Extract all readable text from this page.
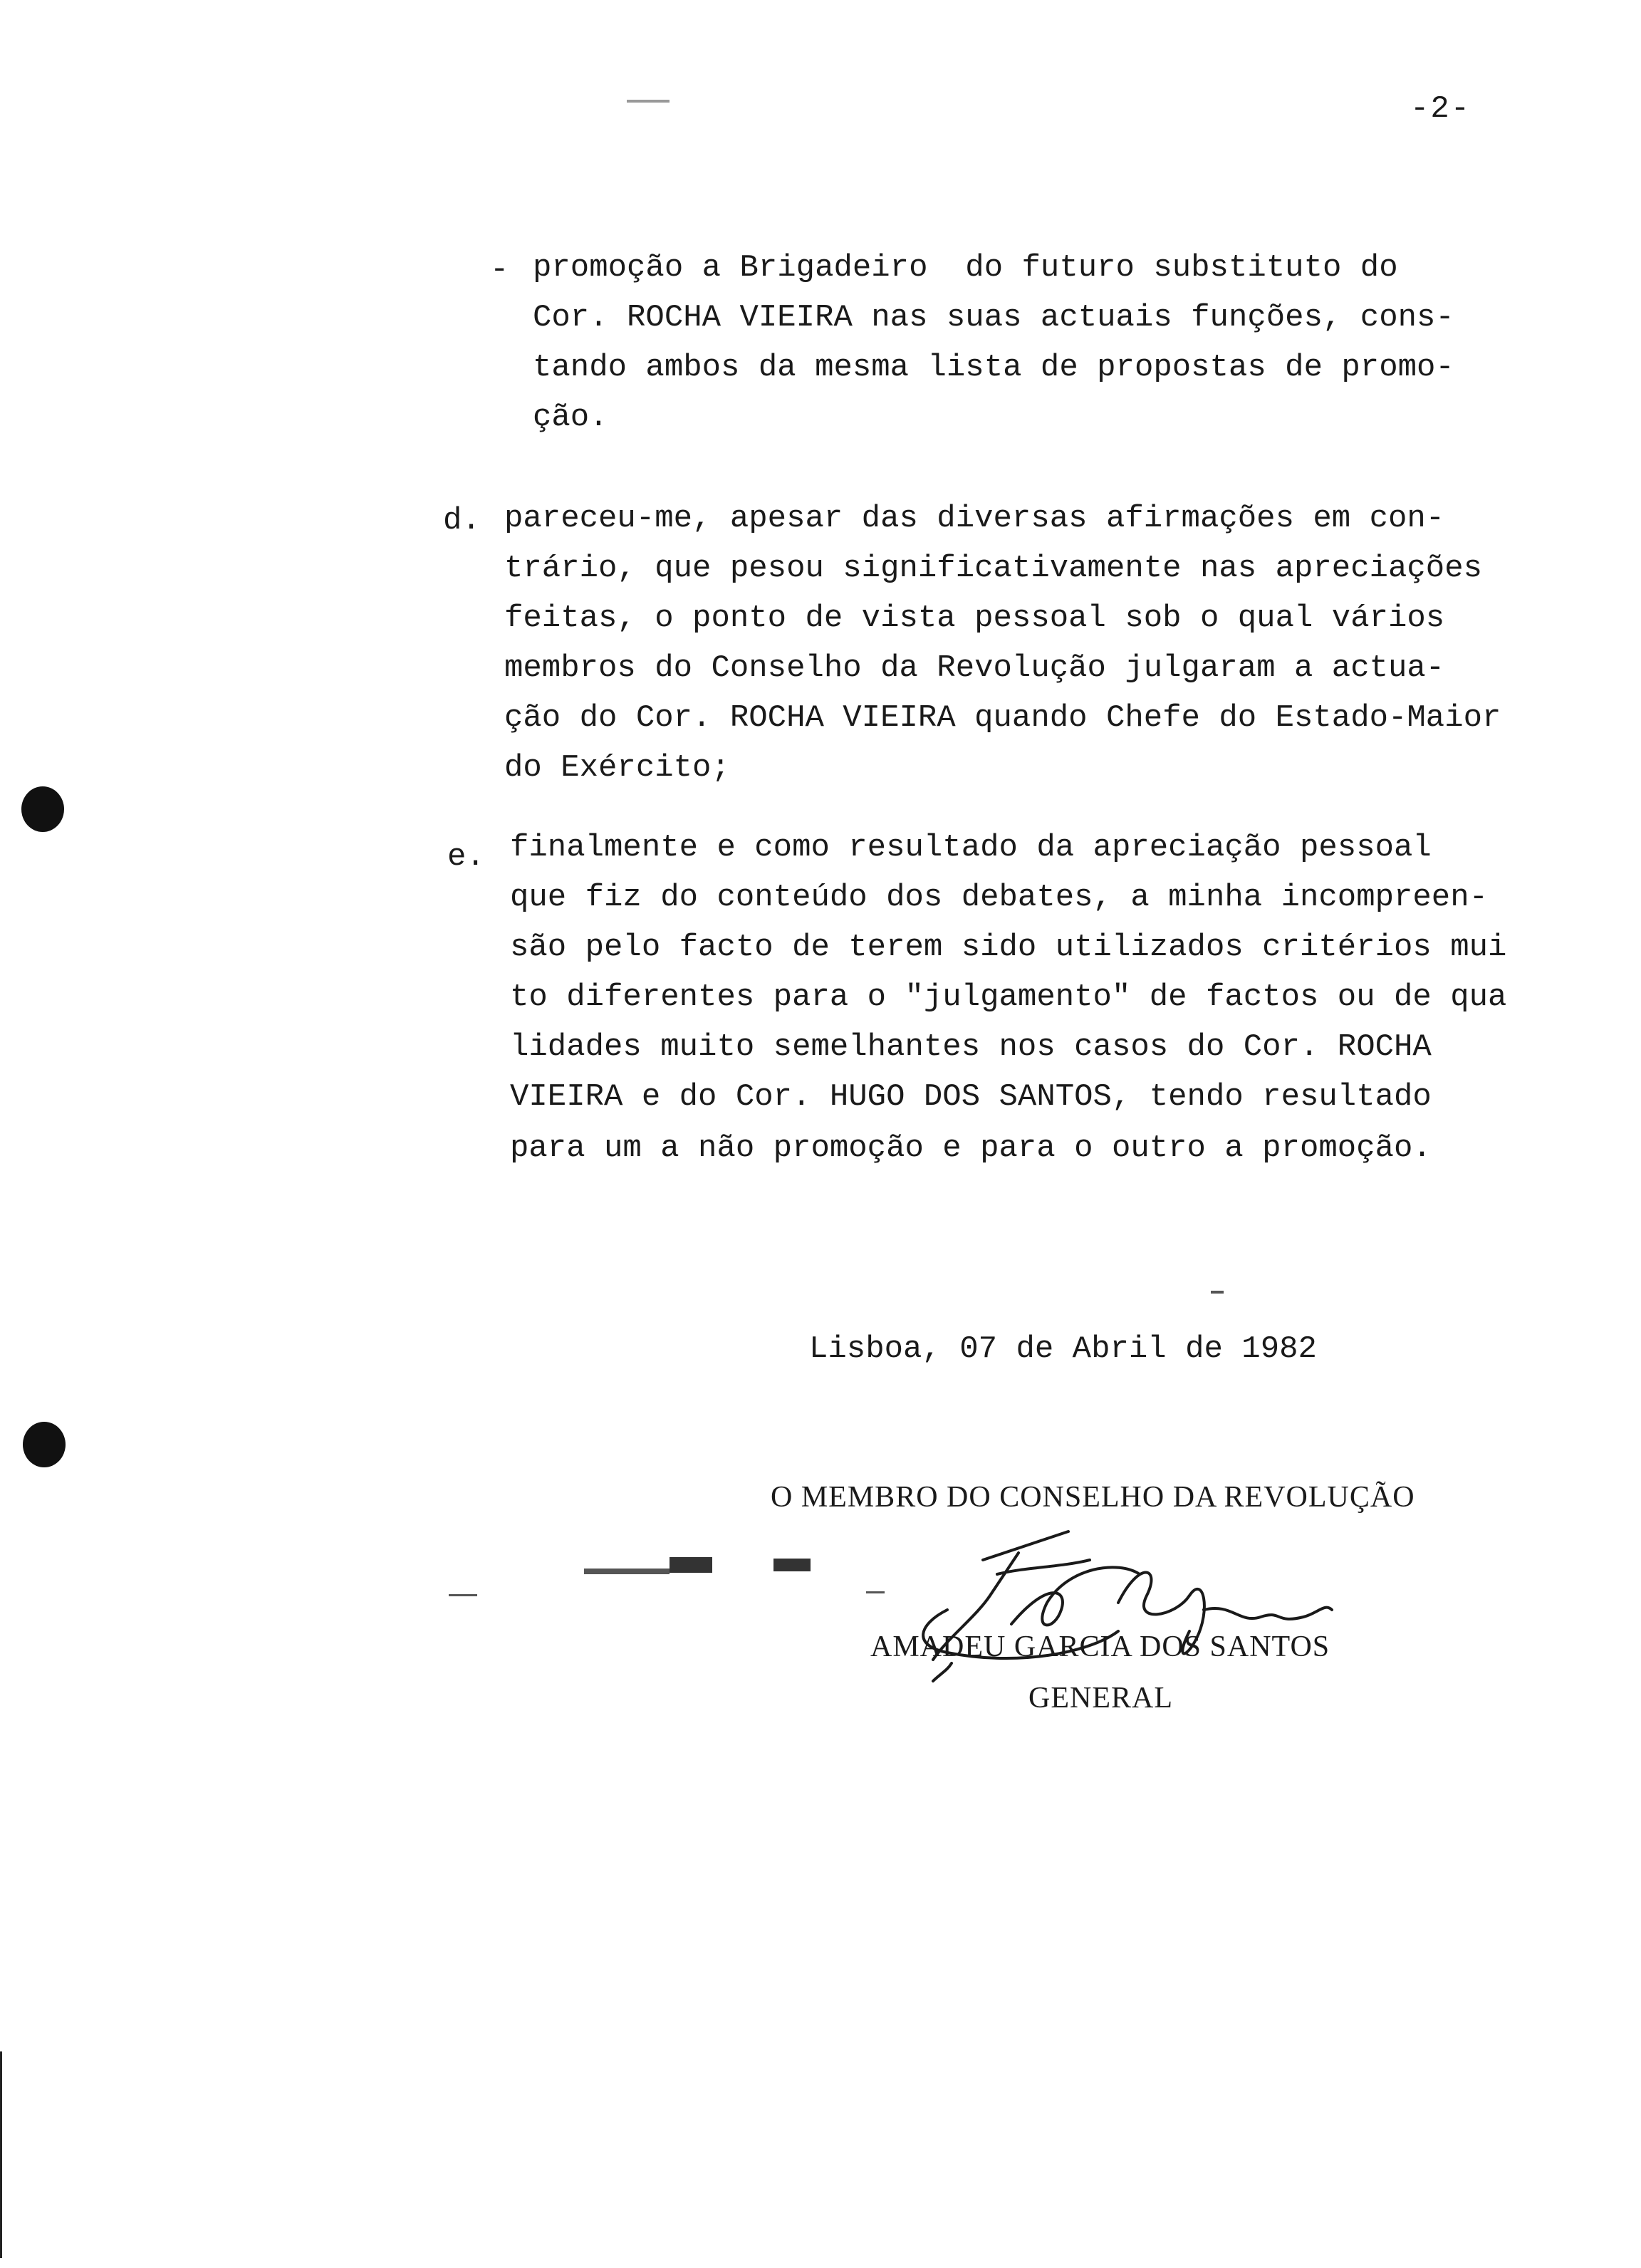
-2-
- promoção a Brigadeiro  do futuro substituto do
Cor. ROCHA VIEIRA nas suas actuais funções, cons-
tando ambos da mesma lista de propostas de promo-
ção.
d. pareceu-me, apesar das diversas afirmações em con-
trário, que pesou significativamente nas apreciações
feitas, o ponto de vista pessoal sob o qual vários
membros do Conselho da Revolução julgaram a actua-
ção do Cor. ROCHA VIEIRA quando Chefe do Estado-Maior
do Exército;
e. finalmente e como resultado da apreciação pessoal
que fiz do conteúdo dos debates, a minha incompreen-
são pelo facto de terem sido utilizados critérios mui
to diferentes para o "julgamento" de factos ou de qua
lidades muito semelhantes nos casos do Cor. ROCHA
VIEIRA e do Cor. HUGO DOS SANTOS, tendo resultado
para um a não promoção e para o outro a promoção.
Lisboa, 07 de Abril de 1982
O MEMBRO DO CONSELHO DA REVOLUÇÃO
AMADEU GARCIA DOS SANTOS
GENERAL
